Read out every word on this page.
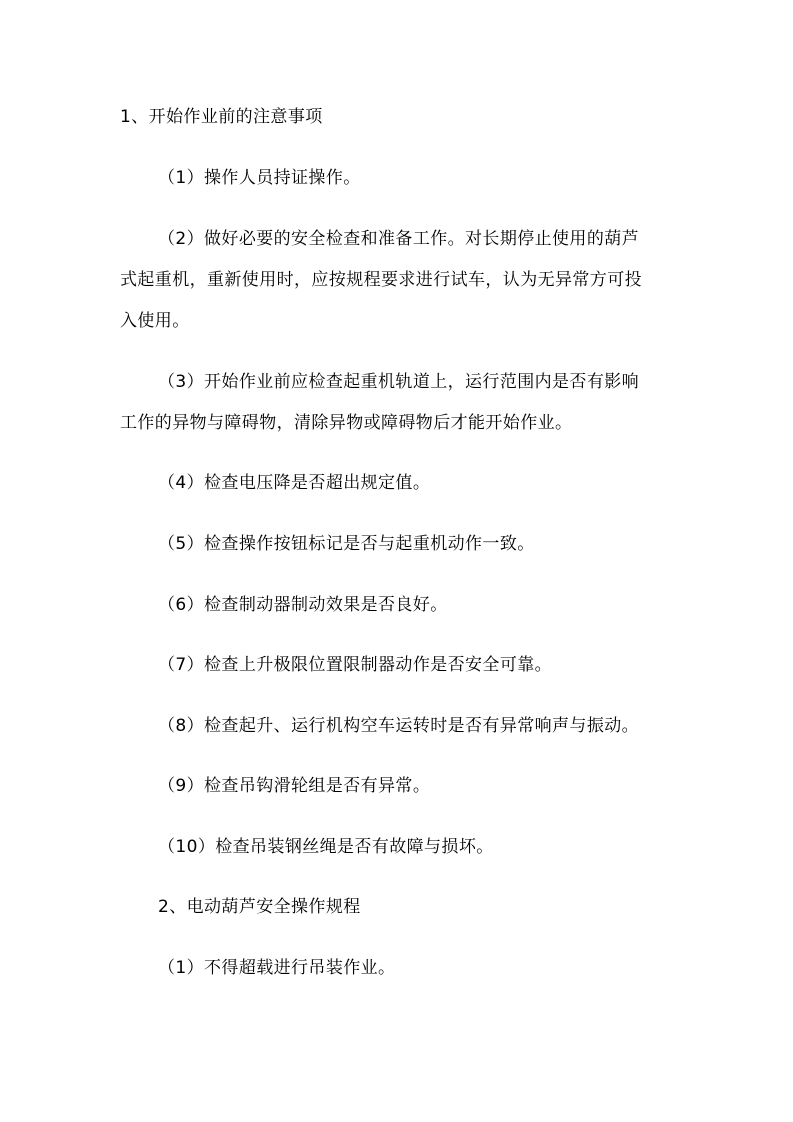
1、开始作业前的注意事项
（1）操作人员持证操作。
（2）做好必要的安全检查和准备工作。对长期停止使用的葫芦
式起重机，重新使用时，应按规程要求进行试车，认为无异常方可投
入使用。
（3）开始作业前应检查起重机轨道上，运行范围内是否有影响
工作的异物与障碍物，清除异物或障碍物后才能开始作业。
（4）检查电压降是否超出规定值。
（5）检查操作按钮标记是否与起重机动作一致。
（6）检查制动器制动效果是否良好。
（7）检查上升极限位置限制器动作是否安全可靠。
（8）检查起升、运行机构空车运转时是否有异常响声与振动。
（9）检查吊钩滑轮组是否有异常。
（10）检查吊装钢丝绳是否有故障与损坏。
2、电动葫芦安全操作规程
（1）不得超载进行吊装作业。
